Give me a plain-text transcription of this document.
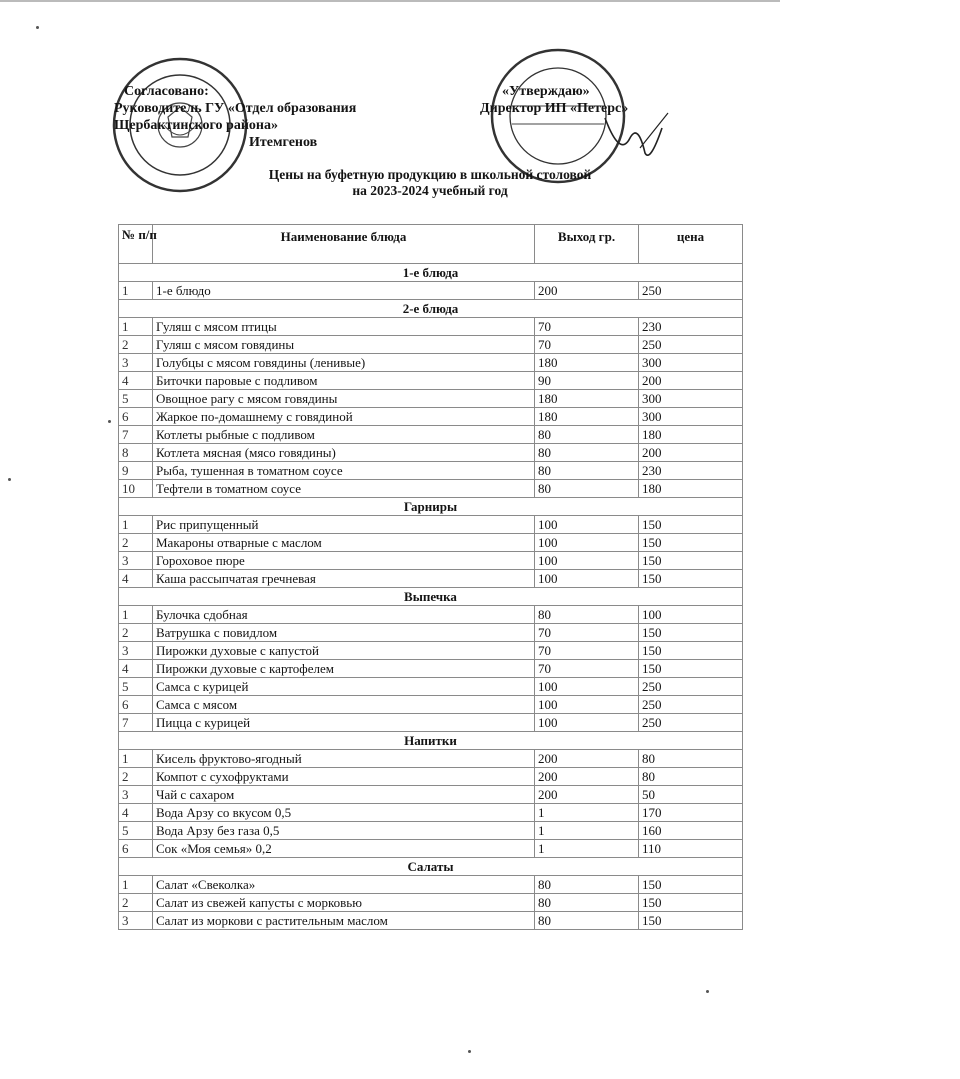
Согласовано:
Руководитель ГУ «Отдел образования
Щербактинского района»
Итемгенов
«Утверждаю»
Директор ИП «Петерс»
Цены на буфетную продукцию в школьной столовой
на 2023-2024 учебный год
№ п/п	Наименование блюда	Выход гр.	цена
1-е блюда			
1	1-е блюдо	200	250
2-е блюда			
1	Гуляш с мясом птицы	70	230
2	Гуляш с мясом говядины	70	250
3	Голубцы с мясом говядины (ленивые)	180	300
4	Биточки паровые с подливом	90	200
5	Овощное рагу с мясом говядины	180	300
6	Жаркое по-домашнему с говядиной	180	300
7	Котлеты рыбные с подливом	80	180
8	Котлета мясная (мясо говядины)	80	200
9	Рыба, тушенная в томатном соусе	80	230
10	Тефтели в томатном соусе	80	180
Гарниры			
1	Рис припущенный	100	150
2	Макароны отварные с маслом	100	150
3	Гороховое пюре	100	150
4	Каша рассыпчатая гречневая	100	150
Выпечка			
1	Булочка сдобная	80	100
2	Ватрушка с повидлом	70	150
3	Пирожки духовые с капустой	70	150
4	Пирожки духовые с картофелем	70	150
5	Самса с курицей	100	250
6	Самса с мясом	100	250
7	Пицца с курицей	100	250
Напитки			
1	Кисель фруктово-ягодный	200	80
2	Компот с сухофруктами	200	80
3	Чай с сахаром	200	50
4	Вода Арзу со вкусом 0,5	1	170
5	Вода Арзу без газа 0,5	1	160
6	Сок «Моя семья» 0,2	1	110
Салаты			
1	Салат «Свеколка»	80	150
2	Салат из свежей капусты с морковью	80	150
3	Салат из моркови с растительным маслом	80	150
